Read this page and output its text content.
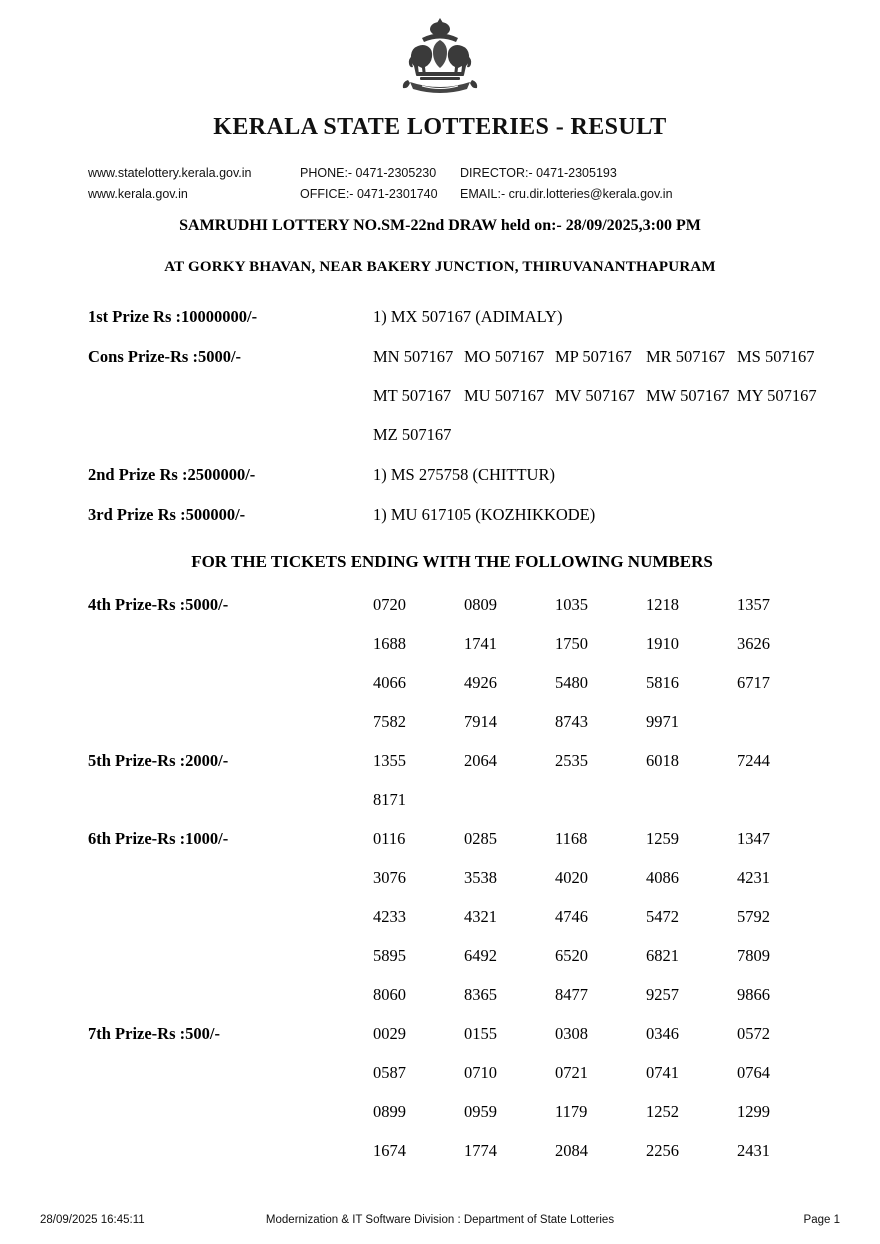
KERALA STATE LOTTERIES - RESULT
www.statelottery.kerala.gov.in	PHONE:- 0471-2305230	DIRECTOR:- 0471-2305193
www.kerala.gov.in	OFFICE:- 0471-2301740	EMAIL:- cru.dir.lotteries@kerala.gov.in
SAMRUDHI LOTTERY NO.SM-22nd DRAW held on:- 28/09/2025,3:00 PM
AT GORKY BHAVAN, NEAR BAKERY JUNCTION, THIRUVANANTHAPURAM
1st Prize Rs :10000000/-	1) MX 507167 (ADIMALY)
Cons Prize-Rs :5000/-	MN 507167 MO 507167 MP 507167 MR 507167 MS 507167
MT 507167 MU 507167 MV 507167 MW 507167 MY 507167
MZ 507167
2nd Prize Rs :2500000/-	1) MS 275758 (CHITTUR)
3rd Prize Rs :500000/-	1) MU 617105 (KOZHIKKODE)
FOR THE TICKETS ENDING WITH THE FOLLOWING NUMBERS
4th Prize-Rs :5000/-	0720	0809	1035	1218	1357
1688	1741	1750	1910	3626
4066	4926	5480	5816	6717
7582	7914	8743	9971
5th Prize-Rs :2000/-	1355	2064	2535	6018	7244
8171
6th Prize-Rs :1000/-	0116	0285	1168	1259	1347
3076	3538	4020	4086	4231
4233	4321	4746	5472	5792
5895	6492	6520	6821	7809
8060	8365	8477	9257	9866
7th Prize-Rs :500/-	0029	0155	0308	0346	0572
0587	0710	0721	0741	0764
0899	0959	1179	1252	1299
1674	1774	2084	2256	2431
28/09/2025 16:45:11	Modernization & IT Software Division : Department of State Lotteries	Page 1
